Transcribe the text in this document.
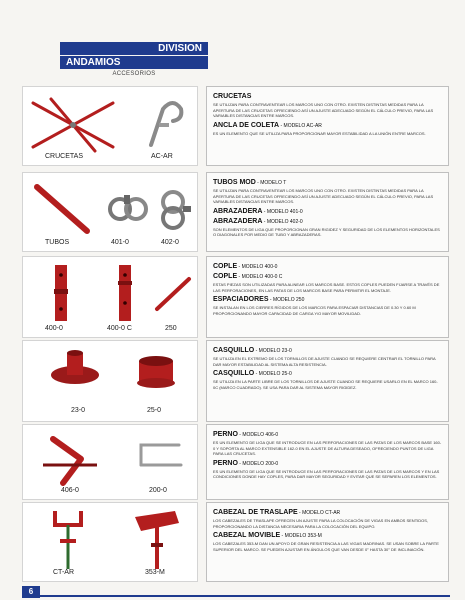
DIVISION
ANDAMIOS
ACCESORIOS
CRUCETAS	AC-AR
CRUCETAS
SE UTILIZAN PARA CONTRAVENTEAR LOS MARCOS UNO CON OTRO. EXISTEN DISTINTAS MEDIDAS PARA LA APERTURA DE LAS CRUCETAS OFRECIENDO ASÍ UN AJUSTE ADECUADO SEGÚN EL CÁLCULO PREVIO, PARA LAS VARIABLES DISTANCIAS ENTRE MARCOS.
ANCLA DE COLETA - MODELO AC-AR
ES UN ELEMENTO QUE SE UTILIZA PARA PROPORCIONAR MAYOR ESTABILIDAD A LA UNIÓN ENTRE MARCOS.
TUBOS	401-0	402-0
TUBOS MOD - MODELO T
SE UTILIZAN PARA CONTRAVENTEAR LOS MARCOS UNO CON OTRO. EXISTEN DISTINTAS MEDIDAS PARA LA APERTURA DE LAS CRUCETAS OFRECIENDO ASÍ UN AJUSTE ADECUADO SEGÚN EL CÁLCULO PREVIO, PARA LAS VARIABLES DISTANCIAS ENTRE MARCOS.
ABRAZADERA - MODELO 401-0
ABRAZADERA - MODELO 402-0
SON ELEMENTOS DE LIGA QUE PROPORCIONAN GRAN RIGIDEZ Y SEGURIDAD DE LOS ELEMENTOS HORIZONTALES O DIAGONALES POR MEDIO DE TUBO Y ABRAZADERAS.
400-0	400-0 C	250
COPLE - MODELO 400-0
COPLE - MODELO 400-0 C
ESTAS PIEZAS SON UTILIZADAS PARA ALINEAR LOS MARCOS BASE. ESTOS COPLES PUEDEN FIJARSE A TRAVÉS DE LAS PERFORACIONES, EN LAS PATAS DE LOS MARCOS BASE PARA PERMITIR EL MONTAJE.
ESPACIADORES - MODELO 250
SE INSTALAN EN LOS CIERRES RÍGIDOS DE LOS MARCOS PARA ESPACIAR DISTANCIAS DE 0.30 Y 0.60 M PROPORCIONANDO MAYOR CAPACIDAD DE CARGA Y/O MAYOR MOVILIDAD.
23-0	25-0
CASQUILLO - MODELO 23-0
SE UTILIZA EN EL EXTREMO DE LOS TORNILLOS DE AJUSTE CUANDO SE REQUIERE CENTRAR EL TORNILLO PARA DAR MAYOR ESTABILIDAD AL SISTEMA ALTA RESISTENCIA.
CASQUILLO - MODELO 25-0
SE UTILIZA EN LA PARTE LIBRE DE LOS TORNILLOS DE AJUSTE CUANDO SE REQUIERE USARLO EN EL MARCO 160-0C (MARCO CUADRADO). SE USA PARA DAR AL SISTEMA MAYOR RIGIDEZ.
406-0	200-0
PERNO - MODELO 406-0
ES UN ELEMENTO DE LIGA QUE SE INTRODUCE EN LAS PERFORACIONES DE LAS PATAS DE LOS MARCOS BASE 160-0 Y SOPORTA AL MARCO EXTENSIBLE 162-0 EN EL AJUSTE DE ALTURA DESEADO, OFRECIENDO PUNTOS DE LIGA PARA LAS CRUCETAS.
PERNO - MODELO 200-0
ES UN ELEMENTO DE LIGA QUE SE INTRODUCE EN LAS PERFORACIONES DE LAS PATAS DE LOS MARCOS Y EN LAS CONDICIONES DONDE HAY COPLES, PARA DAR MAYOR SEGURIDAD Y EVITAR QUE SE SEPAREN LOS ELEMENTOS.
CT-AR	353-M
CABEZAL DE TRASLAPE - MODELO CT-AR
LOS CABEZALES DE TRASLAPE OFRECEN UN AJUSTE PARA LA COLOCACIÓN DE VIGAS EN AMBOS SENTIDOS, PROPORCIONANDO LA DISTANCIA NECESARIA PARA LA COLOCACIÓN DEL EQUIPO.
CABEZAL MOVIBLE - MODELO 353-M
LOS CABEZALES 353-M DAN UN APOYO DE GRAN RESISTENCIA A LAS VIGAS MADRINAS. SE USAN SOBRE LA PARTE SUPERIOR DEL MARCO. SE PUEDEN AJUSTAR EN ÁNGULOS QUE VAN DESDE 0° HASTA 30° DE INCLINACIÓN.
6
